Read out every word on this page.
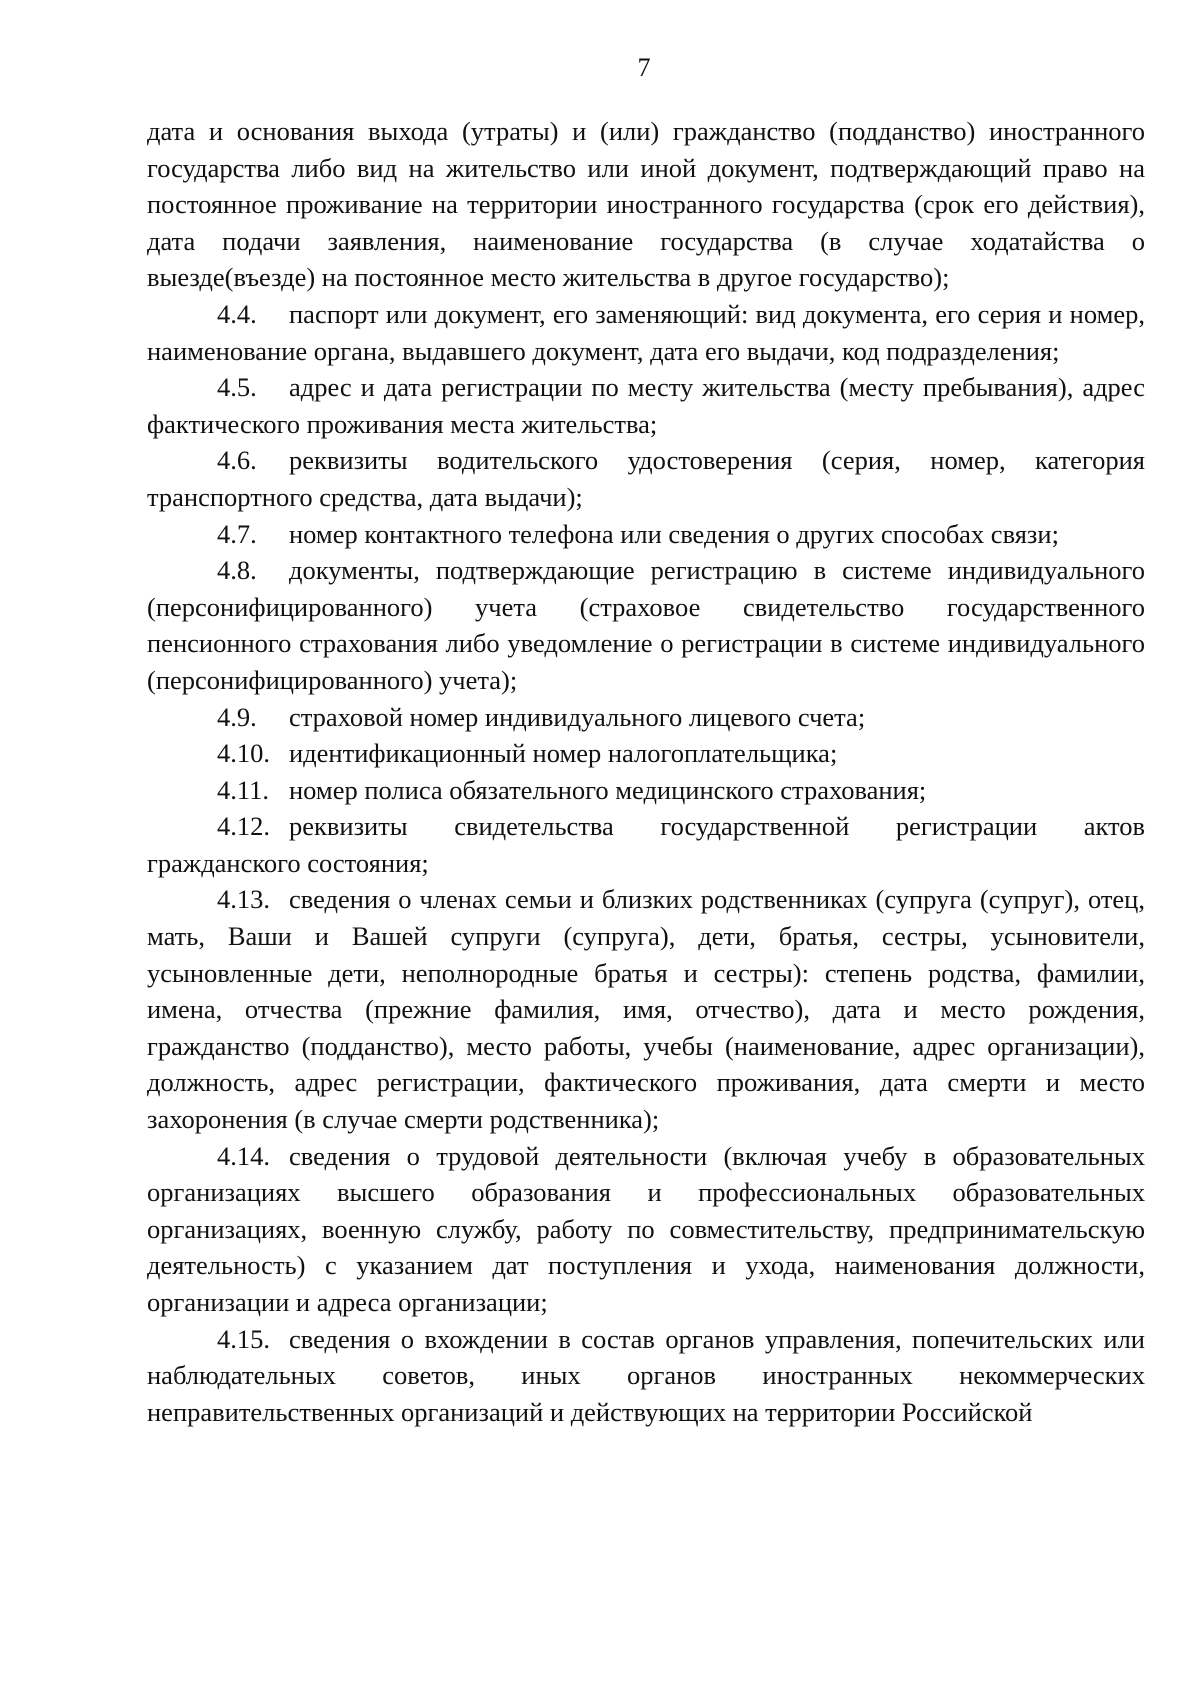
7

дата и основания выхода (утраты) и (или) гражданство (подданство) иностранного государства либо вид на жительство или иной документ, подтверждающий право на постоянное проживание на территории иностранного государства (срок его действия), дата подачи заявления, наименование государства (в случае ходатайства о выезде(въезде) на постоянное место жительства в другое государство);

4.4. паспорт или документ, его заменяющий: вид документа, его серия и номер, наименование органа, выдавшего документ, дата его выдачи, код подразделения;

4.5. адрес и дата регистрации по месту жительства (месту пребывания), адрес фактического проживания места жительства;

4.6. реквизиты водительского удостоверения (серия, номер, категория транспортного средства, дата выдачи);

4.7. номер контактного телефона или сведения о других способах связи;

4.8. документы, подтверждающие регистрацию в системе индивидуального (персонифицированного) учета (страховое свидетельство государственного пенсионного страхования либо уведомление о регистрации в системе индивидуального (персонифицированного) учета);

4.9. страховой номер индивидуального лицевого счета;

4.10. идентификационный номер налогоплательщика;

4.11. номер полиса обязательного медицинского страхования;

4.12. реквизиты свидетельства государственной регистрации актов гражданского состояния;

4.13. сведения о членах семьи и близких родственниках (супруга (супруг), отец, мать, Ваши и Вашей супруги (супруга), дети, братья, сестры, усыновители, усыновленные дети, неполнородные братья и сестры): степень родства, фамилии, имена, отчества (прежние фамилия, имя, отчество), дата и место рождения, гражданство (подданство), место работы, учебы (наименование, адрес организации), должность, адрес регистрации, фактического проживания, дата смерти и место захоронения (в случае смерти родственника);

4.14. сведения о трудовой деятельности (включая учебу в образовательных организациях высшего образования и профессиональных образовательных организациях, военную службу, работу по совместительству, предпринимательскую деятельность) с указанием дат поступления и ухода, наименования должности, организации и адреса организации;

4.15. сведения о вхождении в состав органов управления, попечительских или наблюдательных советов, иных органов иностранных некоммерческих неправительственных организаций и действующих на территории Российской
